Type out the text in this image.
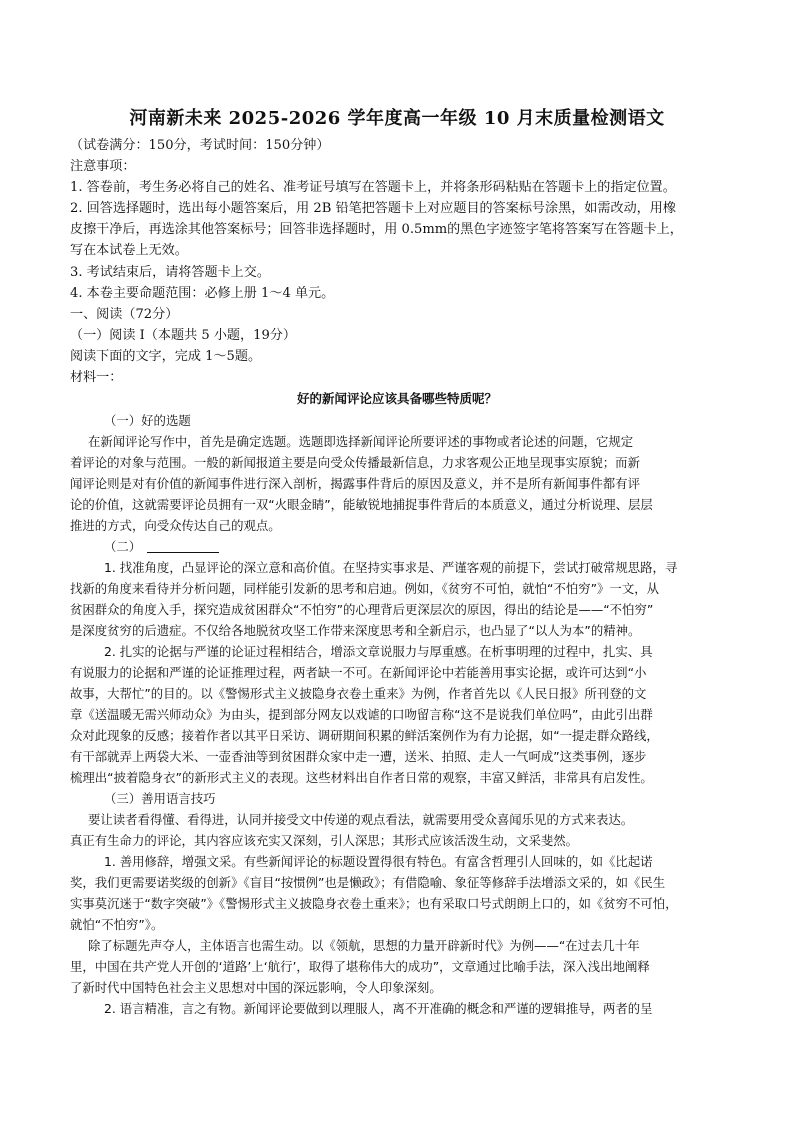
河南新未来 2025-2026 学年度高一年级 10 月末质量检测语文
（试卷满分：150分，考试时间：150分钟）
注意事项：
1. 答卷前，考生务必将自己的姓名、准考证号填写在答题卡上，并将条形码粘贴在答题卡上的指定位置。
2. 回答选择题时，选出每小题答案后，用 2B 铅笔把答题卡上对应题目的答案标号涂黑，如需改动，用橡
皮擦干净后，再选涂其他答案标号；回答非选择题时，用 0.5mm的黑色字迹签字笔将答案写在答题卡上，
写在本试卷上无效。
3. 考试结束后，请将答题卡上交。
4. 本卷主要命题范围：必修上册 1～4 单元。
一、阅读（72分）
（一）阅读 I（本题共 5 小题，19分）
阅读下面的文字，完成 1～5题。
材料一：
好的新闻评论应该具备哪些特质呢？
（一）好的选题
在新闻评论写作中，首先是确定选题。选题即选择新闻评论所要评述的事物或者论述的问题，它规定
着评论的对象与范围。一般的新闻报道主要是向受众传播最新信息，力求客观公正地呈现事实原貌；而新
闻评论则是对有价值的新闻事件进行深入剖析，揭露事件背后的原因及意义，并不是所有新闻事件都有评
论的价值，这就需要评论员拥有一双“火眼金睛”，能敏锐地捕捉事件背后的本质意义，通过分析说理、层层
推进的方式，向受众传达自己的观点。
（二）
1. 找准角度，凸显评论的深立意和高价值。在坚持实事求是、严谨客观的前提下，尝试打破常规思路，寻
找新的角度来看待并分析问题，同样能引发新的思考和启迪。例如，《贫穷不可怕，就怕“不怕穷”》一文，从
贫困群众的角度入手，探究造成贫困群众“不怕穷”的心理背后更深层次的原因，得出的结论是——“不怕穷”
是深度贫穷的后遗症。不仅给各地脱贫攻坚工作带来深度思考和全新启示，也凸显了“以人为本”的精神。
2. 扎实的论据与严谨的论证过程相结合，增添文章说服力与厚重感。在析事明理的过程中，扎实、具
有说服力的论据和严谨的论证推理过程，两者缺一不可。在新闻评论中若能善用事实论据，或许可达到“小
故事，大帮忙”的目的。以《警惕形式主义披隐身衣卷土重来》为例，作者首先以《人民日报》所刊登的文
章《送温暖无需兴师动众》为由头，提到部分网友以戏谑的口吻留言称“这不是说我们单位吗”，由此引出群
众对此现象的反感；接着作者以其平日采访、调研期间积累的鲜活案例作为有力论据，如“一提走群众路线，
有干部就弄上两袋大米、一壶香油等到贫困群众家中走一遭，送米、拍照、走人一气呵成”这类事例，逐步
梳理出“披着隐身衣”的新形式主义的表现。这些材料出自作者日常的观察，丰富又鲜活，非常具有启发性。
（三）善用语言技巧
要让读者看得懂、看得进，认同并接受文中传递的观点看法，就需要用受众喜闻乐见的方式来表达。
真正有生命力的评论，其内容应该充实又深刻，引人深思；其形式应该活泼生动，文采斐然。
1. 善用修辞，增强文采。有些新闻评论的标题设置得很有特色。有富含哲理引人回味的，如《比起诺
奖，我们更需要诺奖级的创新》《盲目“按惯例”也是懒政》；有借隐喻、象征等修辞手法增添文采的，如《民生
实事莫沉迷于“数字突破”》《警惕形式主义披隐身衣卷土重来》；也有采取口号式朗朗上口的，如《贫穷不可怕，
就怕“不怕穷”》。
除了标题先声夺人，主体语言也需生动。以《领航，思想的力量开辟新时代》为例——“在过去几十年
里，中国在共产党人开创的‘道路’上‘航行’，取得了堪称伟大的成功”，文章通过比喻手法，深入浅出地阐释
了新时代中国特色社会主义思想对中国的深远影响，令人印象深刻。
2. 语言精准，言之有物。新闻评论要做到以理服人，离不开准确的概念和严谨的逻辑推导，两者的呈
